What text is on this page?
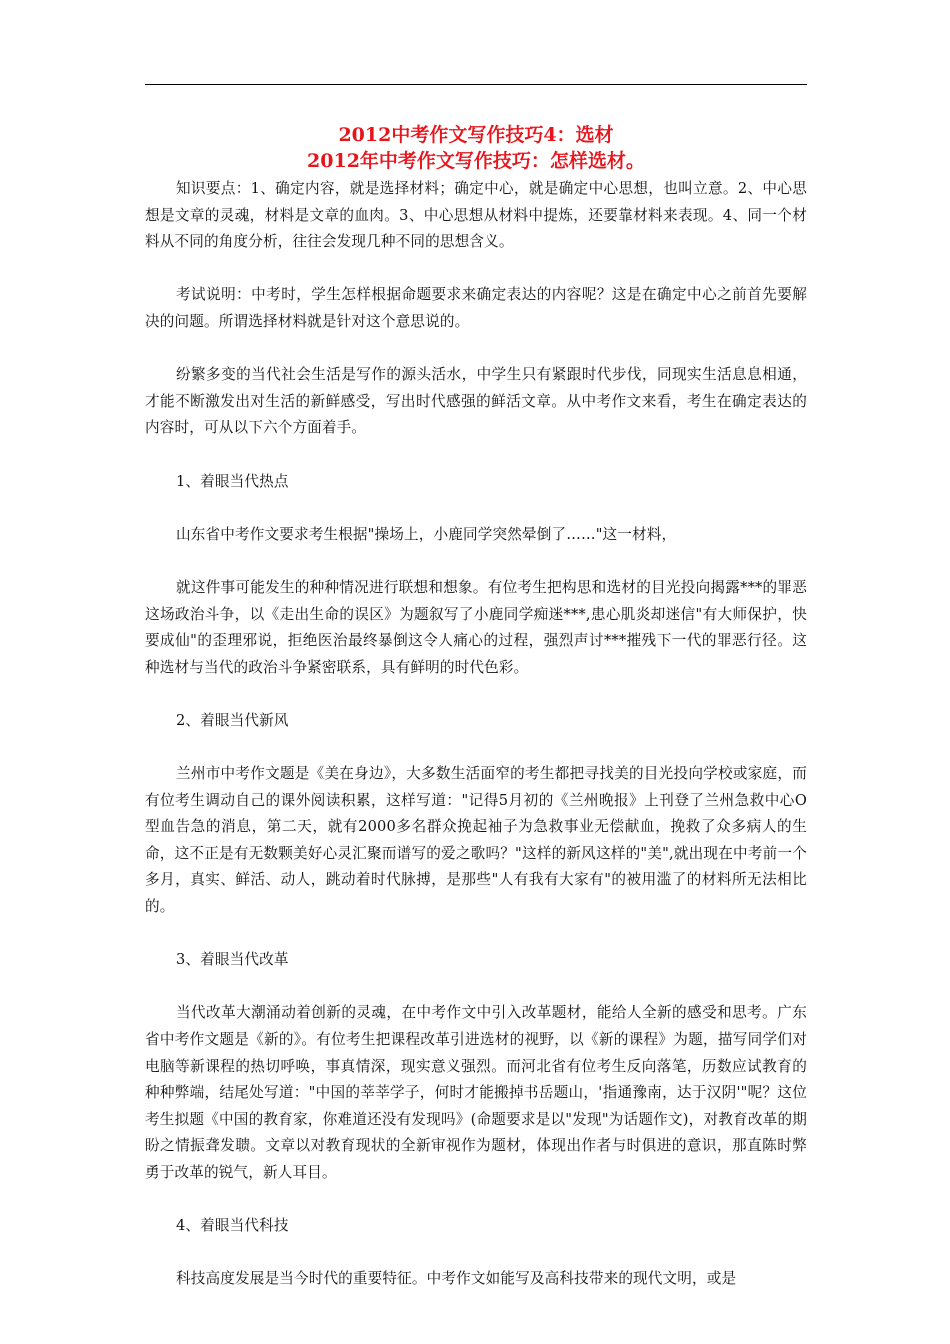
2012中考作文写作技巧4：选材

2012年中考作文写作技巧：怎样选材。

知识要点：1、确定内容，就是选择材料；确定中心，就是确定中心思想，也叫立意。2、中心思想是文章的灵魂，材料是文章的血肉。3、中心思想从材料中提炼，还要靠材料来表现。4、同一个材料从不同的角度分析，往往会发现几种不同的思想含义。

考试说明：中考时，学生怎样根据命题要求来确定表达的内容呢？这是在确定中心之前首先要解决的问题。所谓选择材料就是针对这个意思说的。

纷繁多变的当代社会生活是写作的源头活水，中学生只有紧跟时代步伐，同现实生活息息相通，才能不断激发出对生活的新鲜感受，写出时代感强的鲜活文章。从中考作文来看，考生在确定表达的内容时，可从以下六个方面着手。

1、着眼当代热点

山东省中考作文要求考生根据"操场上，小鹿同学突然晕倒了……"这一材料，

就这件事可能发生的种种情况进行联想和想象。有位考生把构思和选材的目光投向揭露***的罪恶这场政治斗争，以《走出生命的误区》为题叙写了小鹿同学痴迷***,患心肌炎却迷信"有大师保护，快要成仙"的歪理邪说，拒绝医治最终暴倒这令人痛心的过程，强烈声讨***摧残下一代的罪恶行径。这种选材与当代的政治斗争紧密联系，具有鲜明的时代色彩。

2、着眼当代新风

兰州市中考作文题是《美在身边》，大多数生活面窄的考生都把寻找美的目光投向学校或家庭，而有位考生调动自己的课外阅读积累，这样写道："记得5月初的《兰州晚报》上刊登了兰州急救中心O型血告急的消息，第二天，就有2000多名群众挽起袖子为急救事业无偿献血，挽救了众多病人的生命，这不正是有无数颗美好心灵汇聚而谱写的爱之歌吗？"这样的新风这样的"美",就出现在中考前一个多月，真实、鲜活、动人，跳动着时代脉搏，是那些"人有我有大家有"的被用滥了的材料所无法相比的。

3、着眼当代改革

当代改革大潮涌动着创新的灵魂，在中考作文中引入改革题材，能给人全新的感受和思考。广东省中考作文题是《新的》。有位考生把课程改革引进选材的视野，以《新的课程》为题，描写同学们对电脑等新课程的热切呼唤，事真情深，现实意义强烈。而河北省有位考生反向落笔，历数应试教育的种种弊端，结尾处写道："中国的莘莘学子，何时才能搬掉书岳题山，'指通豫南，达于汉阴'"呢？这位考生拟题《中国的教育家，你难道还没有发现吗》(命题要求是以"发现"为话题作文)，对教育改革的期盼之情振聋发聩。文章以对教育现状的全新审视作为题材，体现出作者与时俱进的意识，那直陈时弊勇于改革的锐气，新人耳目。

4、着眼当代科技

科技高度发展是当今时代的重要特征。中考作文如能写及高科技带来的现代文明，或是
